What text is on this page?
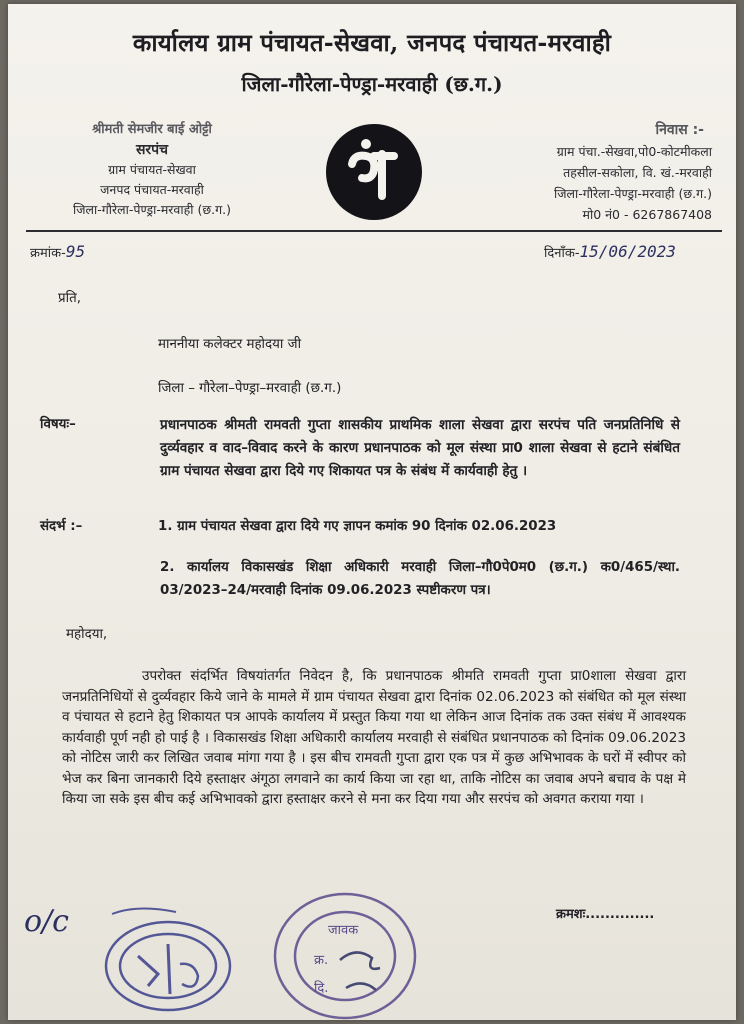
कार्यालय ग्राम पंचायत-सेखवा, जनपद पंचायत-मरवाही
जिला-गौरेला-पेण्ड्रा-मरवाही (छ.ग.)
श्रीमती सेमजीर बाई ओट्टी
सरपंच
ग्राम पंचायत-सेखवा
जनपद पंचायत-मरवाही
जिला-गौरेला-पेण्ड्रा-मरवाही (छ.ग.)
निवास :-
ग्राम पंचा.-सेखवा,पो0-कोटमीकला
तहसील-सकोला, वि. खं.-मरवाही
जिला-गौरेला-पेण्ड्रा-मरवाही (छ.ग.)
मो0 नं0 - 6267867408
क्रमांक-95	दिनाँक-15/06/2023
प्रति,
माननीया कलेक्टर महोदया जी
जिला – गौरेला–पेण्ड्रा–मरवाही (छ.ग.)
विषयः–	प्रधानपाठक श्रीमती रामवती गुप्ता शासकीय प्राथमिक शाला सेखवा द्वारा सरपंच पति जनप्रतिनिधि से दुर्व्यवहार व वाद–विवाद करने के कारण प्रधानपाठक को मूल संस्था प्रा0 शाला सेखवा से हटाने संबंधित ग्राम पंचायत सेखवा द्वारा दिये गए शिकायत पत्र के संबंध में कार्यवाही हेतु ।
संदर्भ :–	1. ग्राम पंचायत सेखवा द्वारा दिये गए ज्ञापन कमांक 90 दिनांक 02.06.2023
2. कार्यालय विकासखंड शिक्षा अधिकारी मरवाही जिला–गौ0पे0म0 (छ.ग.) क0/465/स्था. 03/2023–24/मरवाही दिनांक 09.06.2023 स्पष्टीकरण पत्र।
महोदया,
उपरोक्त संदर्भित विषयांतर्गत निवेदन है, कि प्रधानपाठक श्रीमति रामवती गुप्ता प्रा0शाला सेखवा द्वारा जनप्रतिनिधियों से दुर्व्यवहार किये जाने के मामले में ग्राम पंचायत सेखवा द्वारा दिनांक 02.06.2023 को संबंधित को मूल संस्था व पंचायत से हटाने हेतु शिकायत पत्र आपके कार्यालय में प्रस्तुत किया गया था लेकिन आज दिनांक तक उक्त संबंध में आवश्यक कार्यवाही पूर्ण नही हो पाई है । विकासखंड शिक्षा अधिकारी कार्यालय मरवाही से संबंधित प्रधानपाठक को दिनांक 09.06.2023 को नोटिस जारी कर लिखित जवाब मांगा गया है । इस बीच रामवती गुप्ता द्वारा एक पत्र में कुछ अभिभावक के घरों में स्वीपर को भेज कर बिना जानकारी दिये हस्ताक्षर अंगूठा लगवाने का कार्य किया जा रहा था, ताकि नोटिस का जवाब अपने बचाव के पक्ष मे किया जा सके इस बीच कई अभिभावको द्वारा हस्ताक्षर करने से मना कर दिया गया और सरपंच को अवगत कराया गया ।
o/c	जावक
क्र.
दि.
क्रमशः..............
